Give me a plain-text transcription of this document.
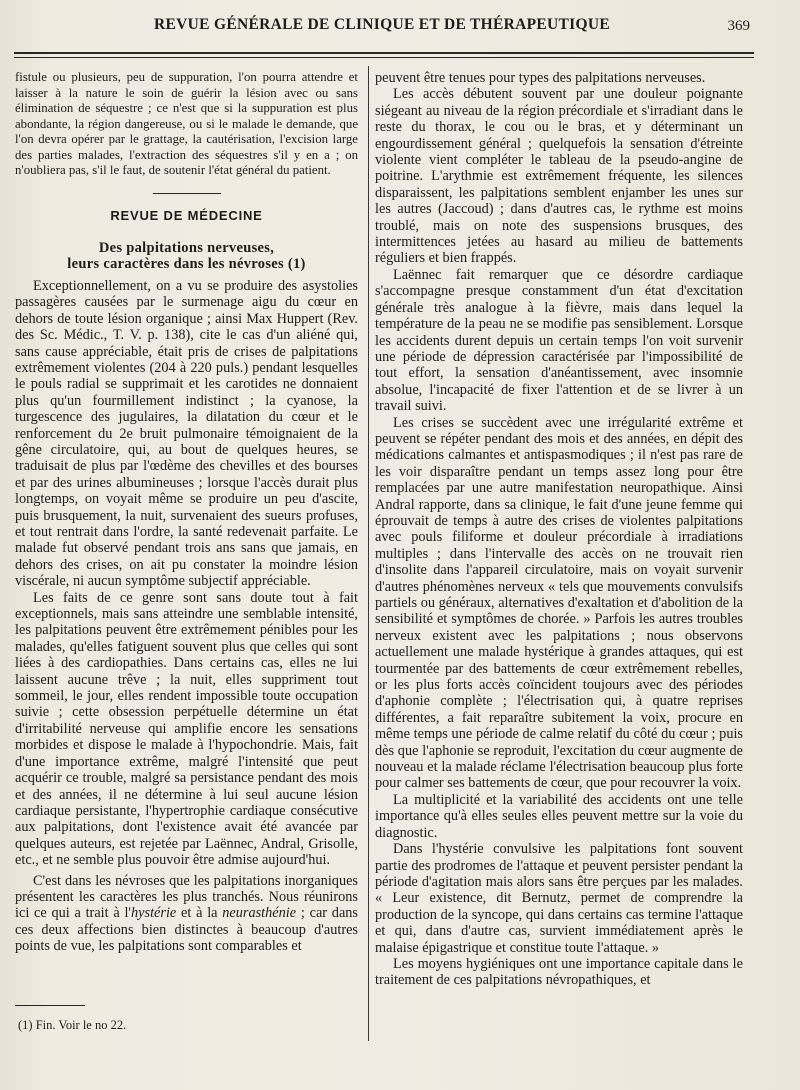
REVUE GÉNÉRALE DE CLINIQUE ET DE THÉRAPEUTIQUE	369

fistule ou plusieurs, peu de suppuration, l'on pourra attendre et laisser à la nature le soin de guérir la lésion avec ou sans élimination de séquestre ; ce n'est que si la suppuration est plus abondante, la région dangereuse, ou si le malade le demande, que l'on devra opérer par le grattage, la cautérisation, l'excision large des parties malades, l'extraction des séquestres s'il y en a ; on n'oubliera pas, s'il le faut, de soutenir l'état général du patient.

REVUE DE MÉDECINE
Des palpitations nerveuses,
leurs caractères dans les névroses (1)

Exceptionnellement, on a vu se produire des asystolies passagères causées par le surmenage aigu du cœur en dehors de toute lésion organique ; ainsi Max Huppert (Rev. des Sc. Médic., T. V. p. 138), cite le cas d'un aliéné qui, sans cause appréciable, était pris de crises de palpitations extrêmement violentes (204 à 220 puls.) pendant lesquelles le pouls radial se supprimait et les carotides ne donnaient plus qu'un fourmillement indistinct ; la cyanose, la turgescence des jugulaires, la dilatation du cœur et le renforcement du 2e bruit pulmonaire témoignaient de la gêne circulatoire, qui, au bout de quelques heures, se traduisait de plus par l'œdème des chevilles et des bourses et par des urines albumineuses ; lorsque l'accès durait plus longtemps, on voyait même se produire un peu d'ascite, puis brusquement, la nuit, survenaient des sueurs profuses, et tout rentrait dans l'ordre, la santé redevenait parfaite. Le malade fut observé pendant trois ans sans que jamais, en dehors des crises, on ait pu constater la moindre lésion viscérale, ni aucun symptôme subjectif appréciable.

Les faits de ce genre sont sans doute tout à fait exceptionnels, mais sans atteindre une semblable intensité, les palpitations peuvent être extrêmement pénibles pour les malades, qu'elles fatiguent souvent plus que celles qui sont liées à des cardiopathies. Dans certains cas, elles ne lui laissent aucune trêve ; la nuit, elles suppriment tout sommeil, le jour, elles rendent impossible toute occupation suivie ; cette obsession perpétuelle détermine un état d'irritabilité nerveuse qui amplifie encore les sensations morbides et dispose le malade à l'hypochondrie. Mais, fait d'une importance extrême, malgré l'intensité que peut acquérir ce trouble, malgré sa persistance pendant des mois et des années, il ne détermine à lui seul aucune lésion cardiaque persistante, l'hypertrophie cardiaque consécutive aux palpitations, dont l'existence avait été avancée par quelques auteurs, est rejetée par Laënnec, Andral, Grisolle, etc., et ne semble plus pouvoir être admise aujourd'hui.

C'est dans les névroses que les palpitations inorganiques présentent les caractères les plus tranchés. Nous réunirons ici ce qui a trait à l'hystérie et à la neurasthénie ; car dans ces deux affections bien distinctes à beaucoup d'autres points de vue, les palpitations sont comparables et

(1) Fin. Voir le no 22.

peuvent être tenues pour types des palpitations nerveuses.

Les accès débutent souvent par une douleur poignante siégeant au niveau de la région précordiale et s'irradiant dans le reste du thorax, le cou ou le bras, et y déterminant un engourdissement général ; quelquefois la sensation d'étreinte violente vient compléter le tableau de la pseudo-angine de poitrine. L'arythmie est extrêmement fréquente, les silences disparaissent, les palpitations semblent enjamber les unes sur les autres (Jaccoud) ; dans d'autres cas, le rythme est moins troublé, mais on note des suspensions brusques, des intermittences jetées au hasard au milieu de battements réguliers et bien frappés.

Laënnec fait remarquer que ce désordre cardiaque s'accompagne presque constamment d'un état d'excitation générale très analogue à la fièvre, mais dans lequel la température de la peau ne se modifie pas sensiblement. Lorsque les accidents durent depuis un certain temps l'on voit survenir une période de dépression caractérisée par l'impossibilité de tout effort, la sensation d'anéantissement, avec insomnie absolue, l'incapacité de fixer l'attention et de se livrer à un travail suivi.

Les crises se succèdent avec une irrégularité extrême et peuvent se répéter pendant des mois et des années, en dépit des médications calmantes et antispasmodiques ; il n'est pas rare de les voir disparaître pendant un temps assez long pour être remplacées par une autre manifestation neuropathique. Ainsi Andral rapporte, dans sa clinique, le fait d'une jeune femme qui éprouvait de temps à autre des crises de violentes palpitations avec pouls filiforme et douleur précordiale à irradiations multiples ; dans l'intervalle des accès on ne trouvait rien d'insolite dans l'appareil circulatoire, mais on voyait survenir d'autres phénomènes nerveux « tels que mouvements convulsifs partiels ou généraux, alternatives d'exaltation et d'abolition de la sensibilité et symptômes de chorée. » Parfois les autres troubles nerveux existent avec les palpitations ; nous observons actuellement une malade hystérique à grandes attaques, qui est tourmentée par des battements de cœur extrêmement rebelles, or les plus forts accès coïncident toujours avec des périodes d'aphonie complète ; l'électrisation qui, à quatre reprises différentes, a fait reparaître subitement la voix, procure en même temps une période de calme relatif du côté du cœur ; puis dès que l'aphonie se reproduit, l'excitation du cœur augmente de nouveau et la malade réclame l'électrisation beaucoup plus forte pour calmer ses battements de cœur, que pour recouvrer la voix.

La multiplicité et la variabilité des accidents ont une telle importance qu'à elles seules elles peuvent mettre sur la voie du diagnostic.

Dans l'hystérie convulsive les palpitations font souvent partie des prodromes de l'attaque et peuvent persister pendant la période d'agitation mais alors sans être perçues par les malades. « Leur existence, dit Bernutz, permet de comprendre la production de la syncope, qui dans certains cas termine l'attaque et qui, dans d'autre cas, survient immédiatement après le malaise épigastrique et constitue toute l'attaque. »

Les moyens hygiéniques ont une importance capitale dans le traitement de ces palpitations névropathiques, et
